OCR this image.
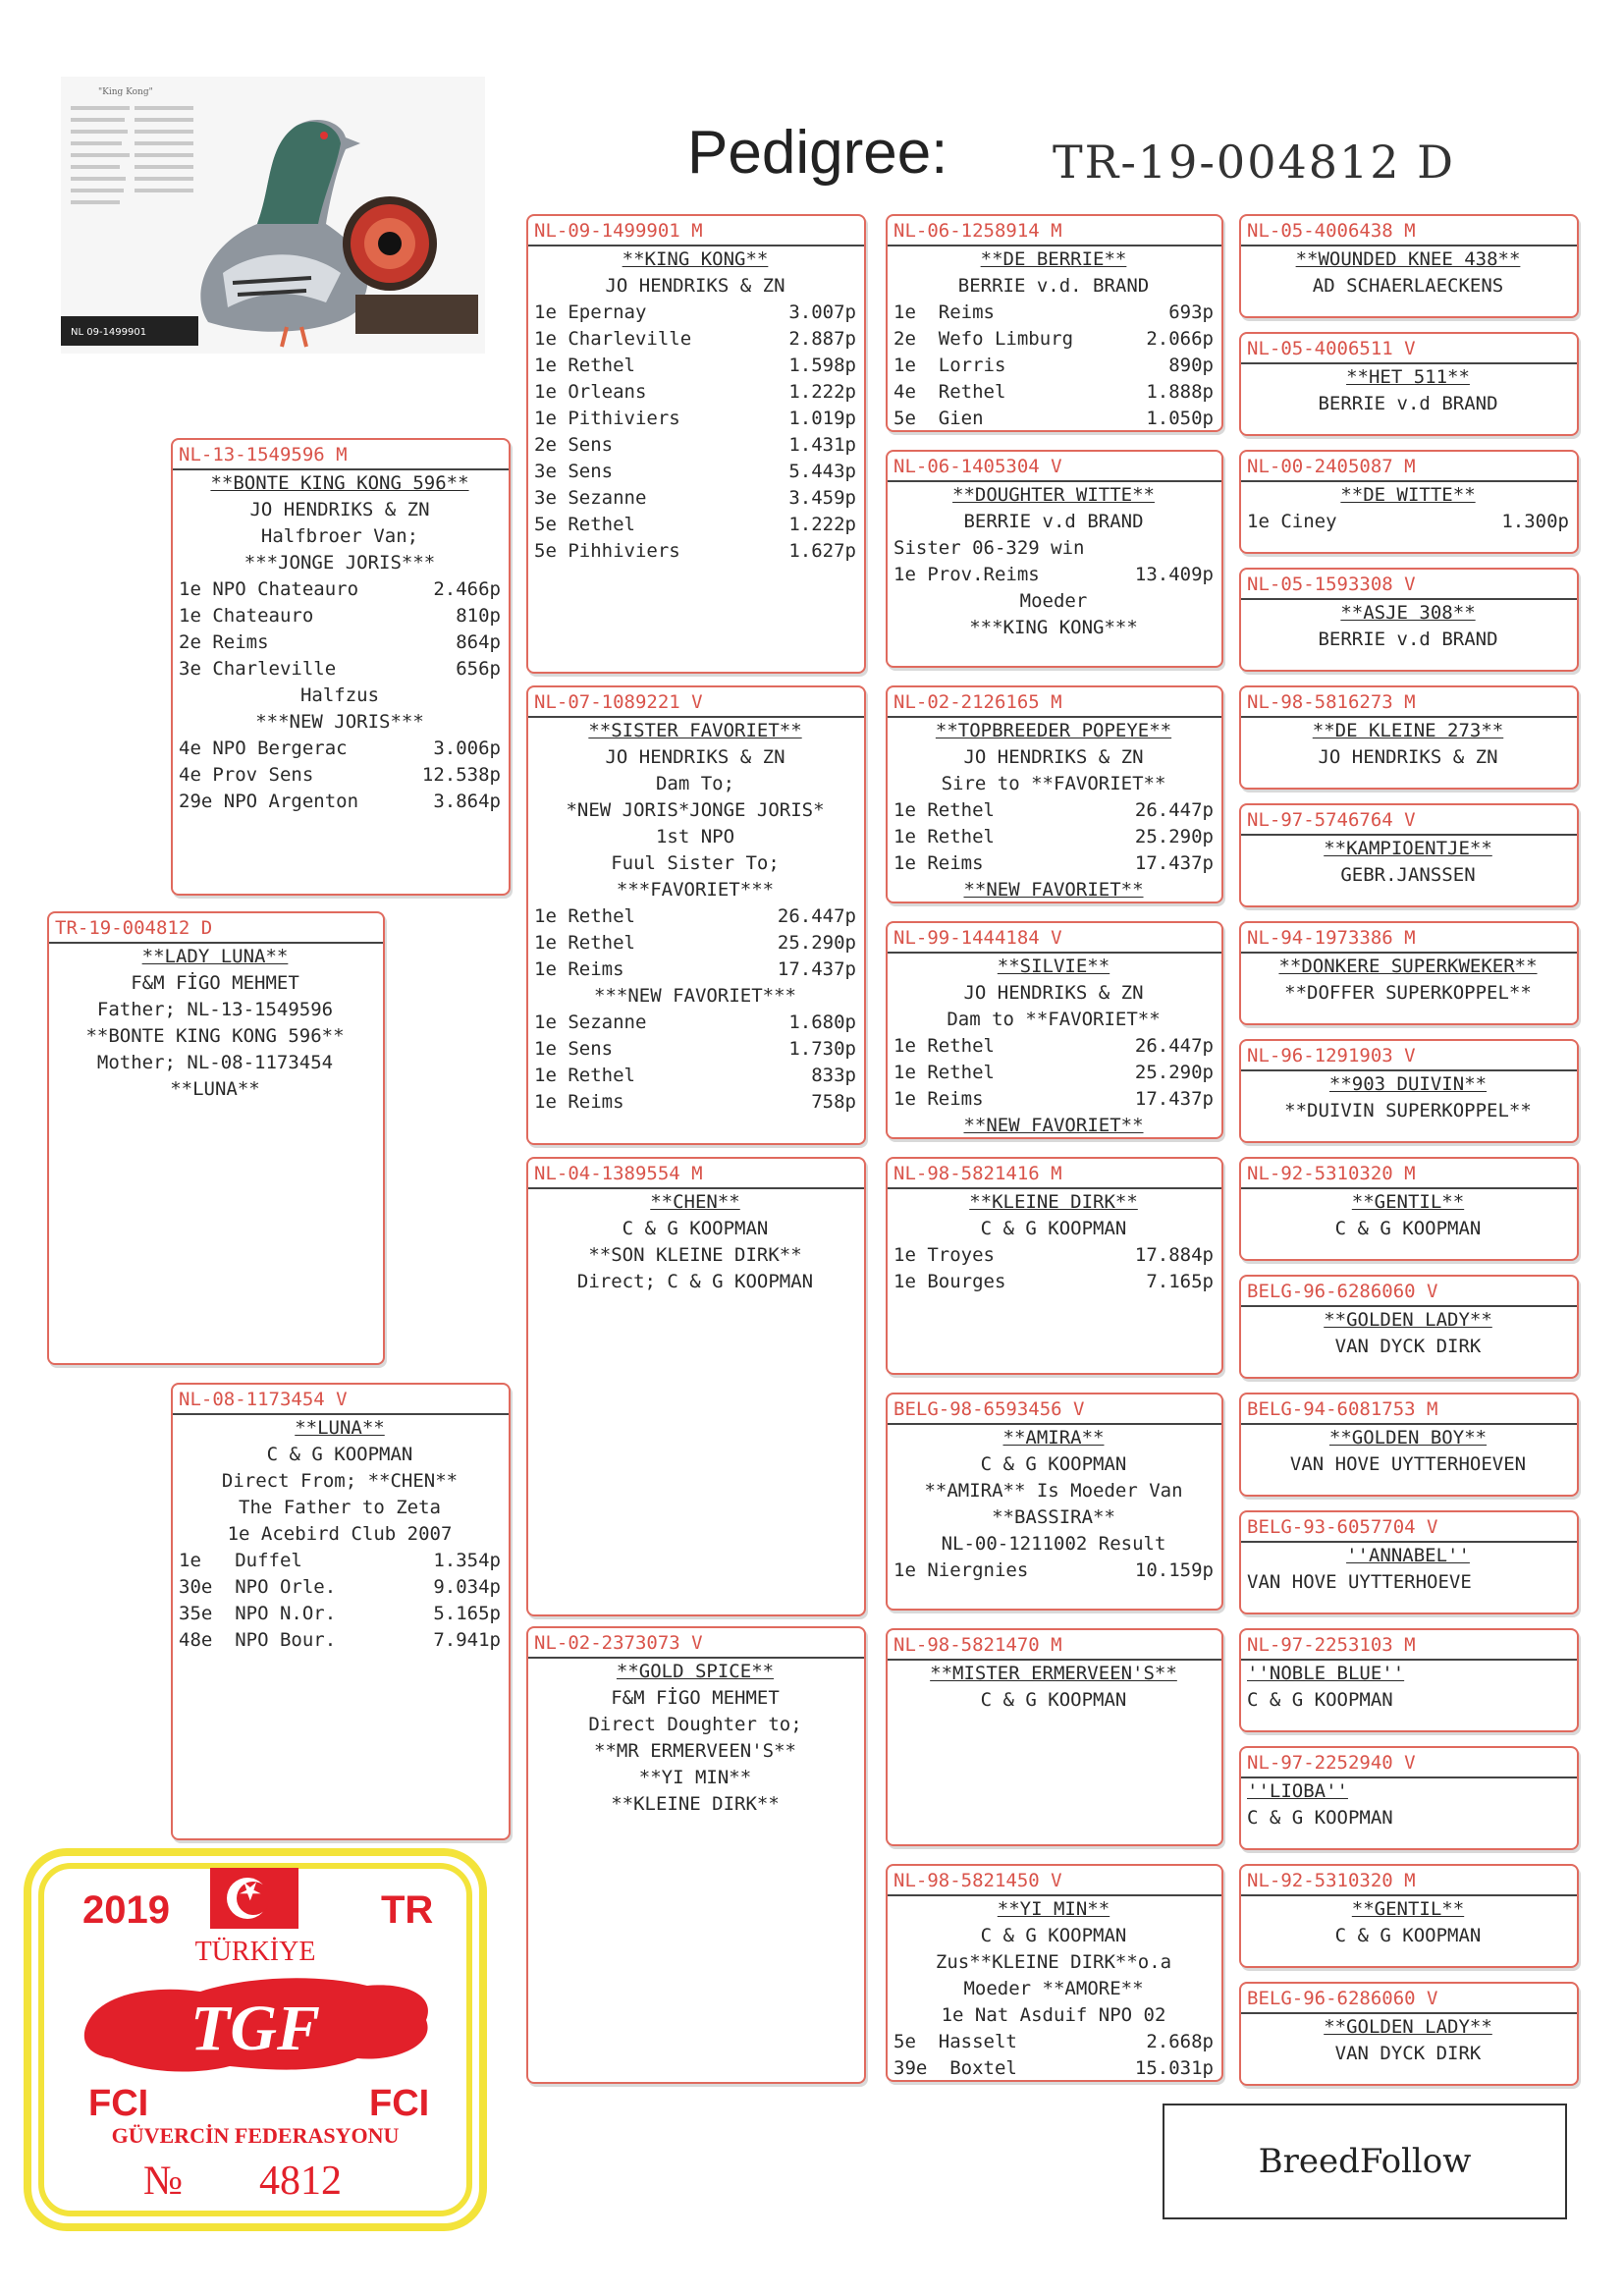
Pedigree: TR-19-004812 D
"King Kong"
NL 09-1499901
TR-19-004812 D
**LADY LUNA**
F&M FİGO MEHMET
Father; NL-13-1549596
**BONTE KING KONG 596**
Mother; NL-08-1173454
**LUNA**
NL-13-1549596 M
**BONTE KING KONG 596**
JO HENDRIKS & ZN
Halfbroer Van;
***JONGE JORIS***
1e NPO Chateauro	2.466p
1e Chateauro	810p
2e Reims	864p
3e Charleville	656p
Halfzus
***NEW JORIS***
4e NPO Bergerac	3.006p
4e Prov Sens	12.538p
29e NPO Argenton	3.864p
NL-08-1173454 V
**LUNA**
C & G KOOPMAN
Direct From; **CHEN**
The Father to Zeta
1e Acebird Club 2007
1e   Duffel	1.354p
30e  NPO Orle.	9.034p
35e  NPO N.Or.	5.165p
48e  NPO Bour.	7.941p
NL-09-1499901 M
**KING KONG**
JO HENDRIKS & ZN
1e Epernay	3.007p
1e Charleville	2.887p
1e Rethel	1.598p
1e Orleans	1.222p
1e Pithiviers	1.019p
2e Sens	1.431p
3e Sens	5.443p
3e Sezanne	3.459p
5e Rethel	1.222p
5e Pihhiviers	1.627p
NL-07-1089221 V
**SISTER FAVORIET**
JO HENDRIKS & ZN
Dam To;
*NEW JORIS*JONGE JORIS*
1st NPO
Fuul Sister To;
***FAVORIET***
1e Rethel	26.447p
1e Rethel	25.290p
1e Reims	17.437p
***NEW FAVORIET***
1e Sezanne	1.680p
1e Sens	1.730p
1e Rethel	833p
1e Reims	758p
NL-04-1389554 M
**CHEN**
C & G KOOPMAN
**SON KLEINE DIRK**
Direct; C & G KOOPMAN
NL-02-2373073 V
**GOLD SPICE**
F&M FİGO MEHMET
Direct Doughter to;
**MR ERMERVEEN'S**
**YI MIN**
**KLEINE DIRK**
NL-06-1258914 M
**DE BERRIE**
BERRIE v.d. BRAND
1e  Reims	693p
2e  Wefo Limburg	2.066p
1e  Lorris	890p
4e  Rethel	1.888p
5e  Gien	1.050p
NL-06-1405304 V
**DOUGHTER WITTE**
BERRIE v.d BRAND
Sister 06-329 win
1e Prov.Reims	13.409p
Moeder
***KING KONG***
NL-02-2126165 M
**TOPBREEDER POPEYE**
JO HENDRIKS & ZN
Sire to **FAVORIET**
1e Rethel	26.447p
1e Rethel	25.290p
1e Reims	17.437p
**NEW FAVORIET**
NL-99-1444184 V
**SILVIE**
JO HENDRIKS & ZN
Dam to **FAVORIET**
1e Rethel	26.447p
1e Rethel	25.290p
1e Reims	17.437p
**NEW FAVORIET**
NL-98-5821416 M
**KLEINE DIRK**
C & G KOOPMAN
1e Troyes	17.884p
1e Bourges	7.165p
BELG-98-6593456 V
**AMIRA**
C & G KOOPMAN
**AMIRA** Is Moeder Van
**BASSIRA**
NL-00-1211002 Result
1e Niergnies	10.159p
NL-98-5821470 M
**MISTER ERMERVEEN'S**
C & G KOOPMAN
NL-98-5821450 V
**YI MIN**
C & G KOOPMAN
Zus**KLEINE DIRK**o.a
Moeder **AMORE**
1e Nat Asduif NPO 02
5e  Hasselt	2.668p
39e  Boxtel	15.031p
NL-05-4006438 M
**WOUNDED KNEE 438**
AD SCHAERLAECKENS
NL-05-4006511 V
**HET 511**
BERRIE v.d BRAND
NL-00-2405087 M
**DE WITTE**
1e Ciney	1.300p
NL-05-1593308 V
**ASJE 308**
BERRIE v.d BRAND
NL-98-5816273 M
**DE KLEINE 273**
JO HENDRIKS & ZN
NL-97-5746764 V
**KAMPIOENTJE**
GEBR.JANSSEN
NL-94-1973386 M
**DONKERE SUPERKWEKER**
**DOFFER SUPERKOPPEL**
NL-96-1291903 V
**903 DUIVIN**
**DUIVIN SUPERKOPPEL**
NL-92-5310320 M
**GENTIL**
C & G KOOPMAN
BELG-96-6286060 V
**GOLDEN LADY**
VAN DYCK DIRK
BELG-94-6081753 M
**GOLDEN BOY**
VAN HOVE UYTTERHOEVEN
BELG-93-6057704 V
''ANNABEL''
VAN HOVE UYTTERHOEVE
NL-97-2253103 M
''NOBLE BLUE''
C & G KOOPMAN
NL-97-2252940 V
''LIOBA''
C & G KOOPMAN
NL-92-5310320 M
**GENTIL**
C & G KOOPMAN
BELG-96-6286060 V
**GOLDEN LADY**
VAN DYCK DIRK
2019	TR
TÜRKİYE
TGF
FCI	FCI
GÜVERCİN FEDERASYONU
№ 4812	BreedFollow
